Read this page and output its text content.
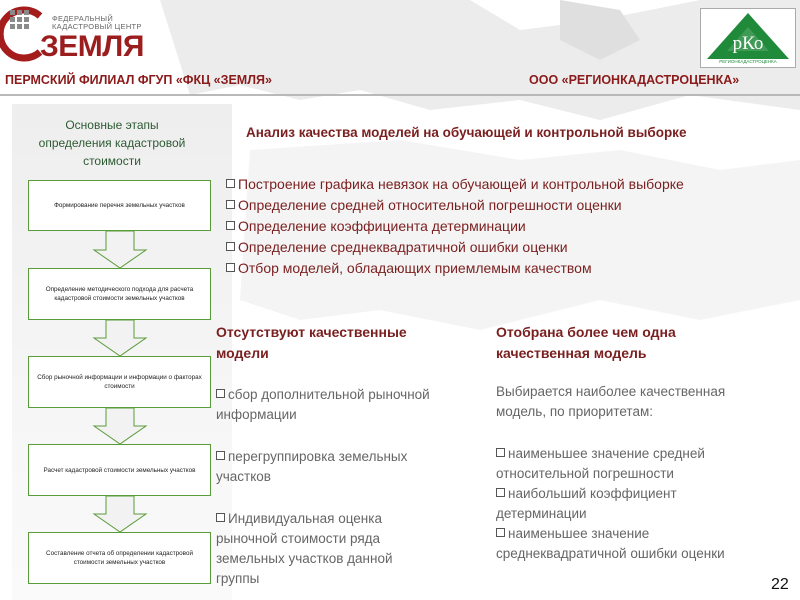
ФЕДЕРАЛЬНЫЙ
КАДАСТРОВЫЙ ЦЕНТР
ЗЕМЛЯ	рКо
РЕГИОНКАДАСТРОЦЕНКА
ПЕРМСКИЙ ФИЛИАЛ ФГУП «ФКЦ «ЗЕМЛЯ»	ООО «РЕГИОНКАДАСТРОЦЕНКА»
Основные этапы
определения кадастровой
стоимости
Формирование перечня земельных участков
Определение методического подхода для расчета кадастровой стоимости земельных участков
Сбор рыночной информации и информации о факторах стоимости
Расчет кадастровой стоимости земельных участков
Составление отчета об определении кадастровой стоимости земельных участков
Анализ качества моделей на обучающей и контрольной выборке
Построение графика невязок на обучающей и контрольной выборке
Определение средней относительной погрешности оценки
Определение коэффициента детерминации
Определение среднеквадратичной ошибки оценки
Отбор моделей, обладающих приемлемым качеством
Отсутствуют качественные
модели
сбор дополнительной рыночной
информации
перегруппировка земельных
участков
Индивидуальная оценка
рыночной стоимости ряда
земельных участков данной
группы
Отобрана более чем одна
качественная модель
Выбирается наиболее качественная
модель, по приоритетам:
наименьшее значение средней
относительной погрешности
наибольший коэффициент
детерминации
наименьшее значение
среднеквадратичной ошибки оценки
22
